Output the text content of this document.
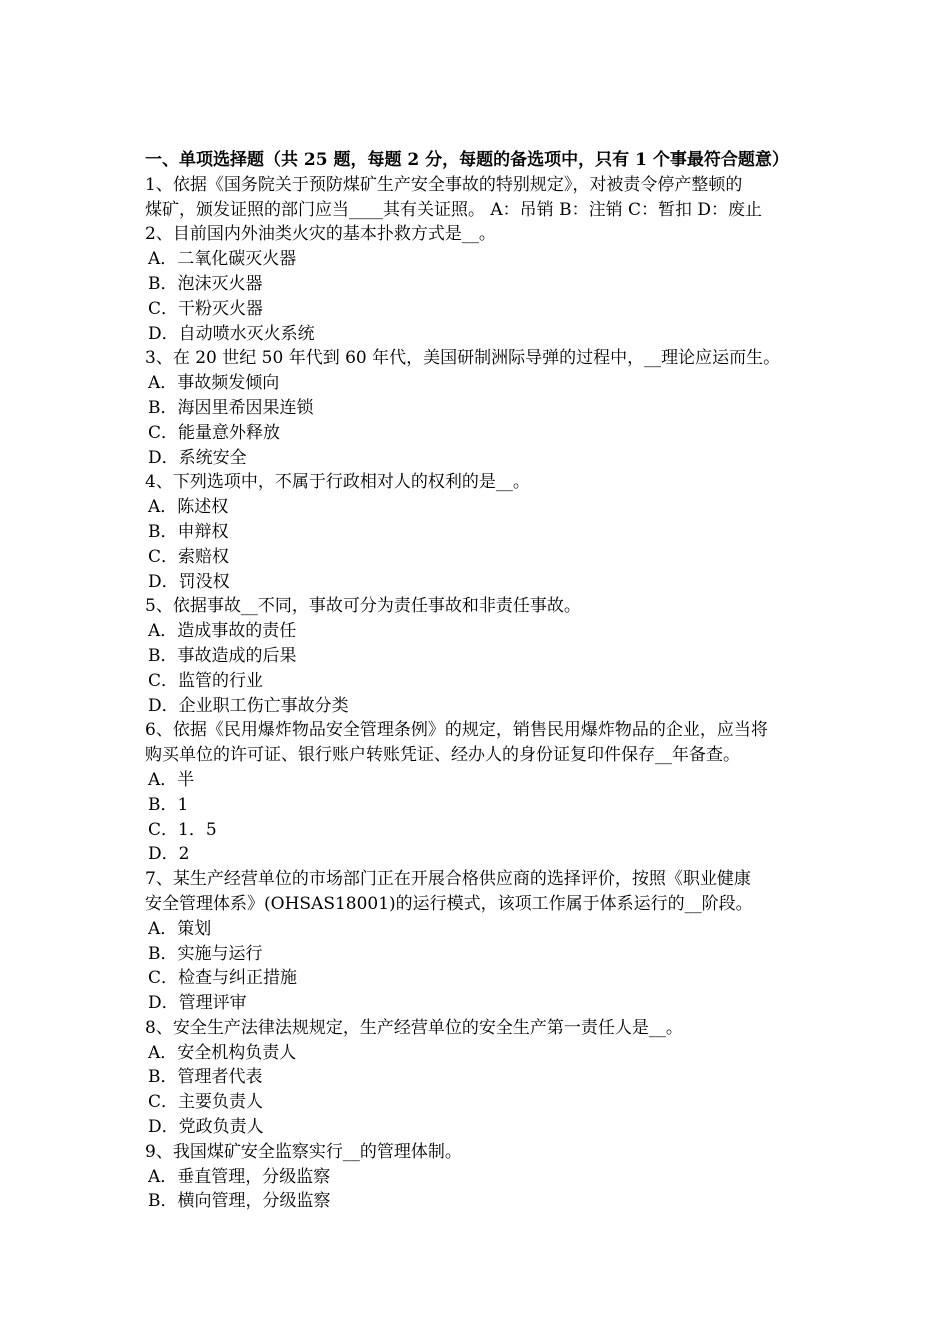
一、单项选择题（共 25 题，每题 2 分，每题的备选项中，只有 1 个事最符合题意）
1、依据《国务院关于预防煤矿生产安全事故的特别规定》，对被责令停产整顿的
煤矿，颁发证照的部门应当____其有关证照。 A：吊销 B：注销 C：暂扣 D：废止
2、目前国内外油类火灾的基本扑救方式是__。
A．二氧化碳灭火器
B．泡沫灭火器
C．干粉灭火器
D．自动喷水灭火系统
3、在 20 世纪 50 年代到 60 年代，美国研制洲际导弹的过程中，__理论应运而生。
A．事故频发倾向
B．海因里希因果连锁
C．能量意外释放
D．系统安全
4、下列选项中，不属于行政相对人的权利的是__。
A．陈述权
B．申辩权
C．索赔权
D．罚没权
5、依据事故__不同，事故可分为责任事故和非责任事故。
A．造成事故的责任
B．事故造成的后果
C．监管的行业
D．企业职工伤亡事故分类
6、依据《民用爆炸物品安全管理条例》的规定，销售民用爆炸物品的企业，应当将
购买单位的许可证、银行账户转账凭证、经办人的身份证复印件保存__年备查。
A．半
B．1
C．1．5
D．2
7、某生产经营单位的市场部门正在开展合格供应商的选择评价，按照《职业健康
安全管理体系》(OHSAS18001)的运行模式，该项工作属于体系运行的__阶段。
A．策划
B．实施与运行
C．检查与纠正措施
D．管理评审
8、安全生产法律法规规定，生产经营单位的安全生产第一责任人是__。
A．安全机构负责人
B．管理者代表
C．主要负责人
D．党政负责人
9、我国煤矿安全监察实行__的管理体制。
A．垂直管理，分级监察
B．横向管理，分级监察
